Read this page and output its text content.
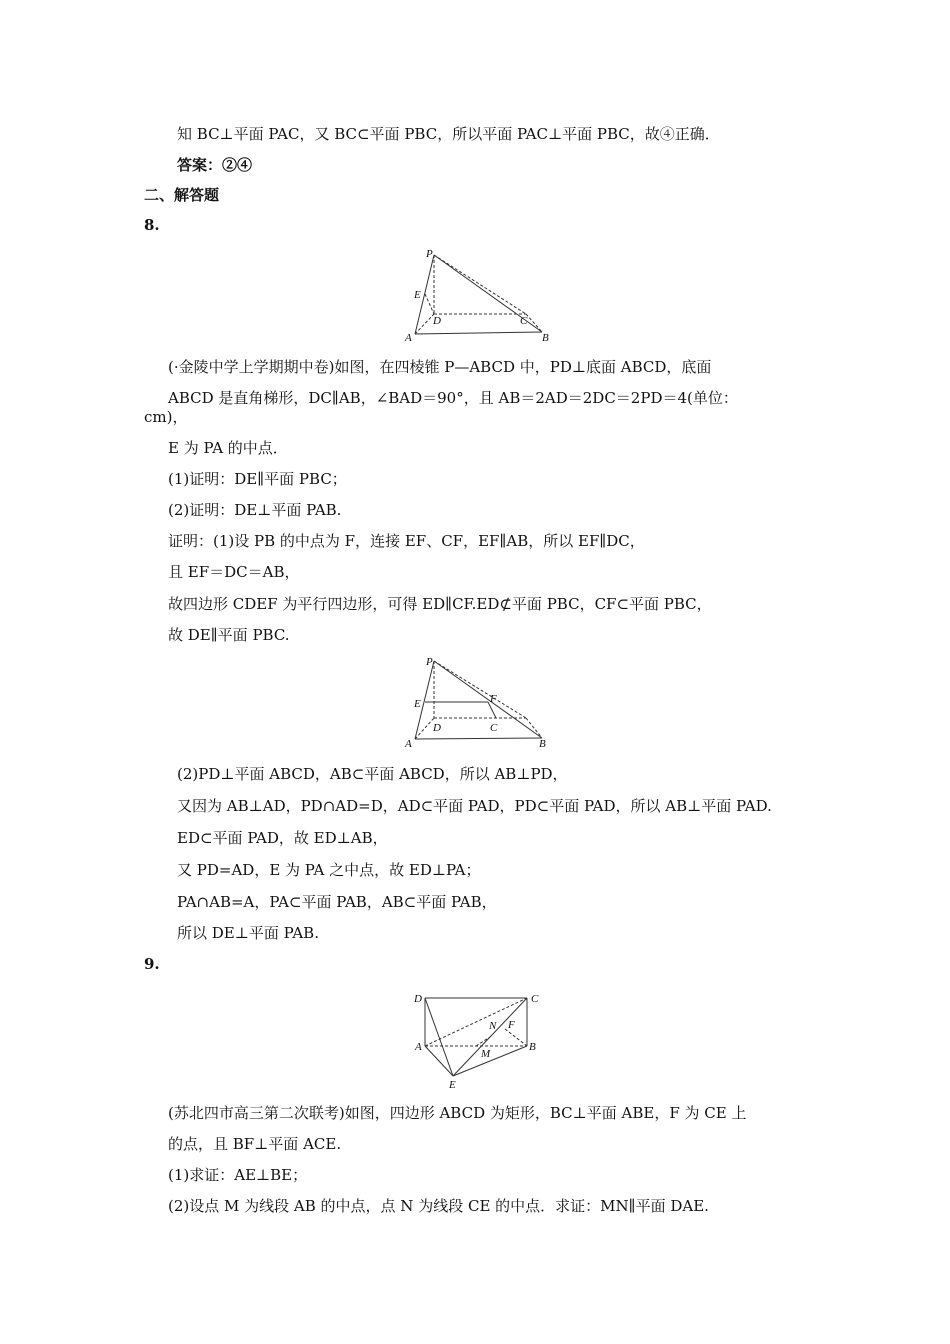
知 BC⊥平面 PAC，又 BC⊂平面 PBC，所以平面 PAC⊥平面 PBC，故④正确．
答案：②④
二、解答题
8.
P
E
D	C
A	B
(·金陵中学上学期期中卷)如图，在四棱锥 P—ABCD 中，PD⊥底面 ABCD，底面
ABCD 是直角梯形，DC∥AB，∠BAD＝90°，且 AB＝2AD＝2DC＝2PD＝4(单位：
cm)，
E 为 PA 的中点．
(1)证明：DE∥平面 PBC；
(2)证明：DE⊥平面 PAB.
证明：(1)设 PB 的中点为 F，连接 EF、CF，EF∥AB，所以 EF∥DC，
且 EF＝DC＝AB，
故四边形 CDEF 为平行四边形，可得 ED∥CF.ED⊄平面 PBC，CF⊂平面 PBC，
故 DE∥平面 PBC.
P
F
E
D	C
A	B
(2)PD⊥平面 ABCD，AB⊂平面 ABCD，所以 AB⊥PD，
又因为 AB⊥AD，PD∩AD=D，AD⊂平面 PAD，PD⊂平面 PAD，所以 AB⊥平面 PAD.
ED⊂平面 PAD，故 ED⊥AB，
又 PD=AD，E 为 PA 之中点，故 ED⊥PA；
PA∩AB=A，PA⊂平面 PAB，AB⊂平面 PAB，
所以 DE⊥平面 PAB.
9.
D	C
N F
A
M
B
E
(苏北四市高三第二次联考)如图，四边形 ABCD 为矩形，BC⊥平面 ABE，F 为 CE 上
的点，且 BF⊥平面 ACE.
(1)求证：AE⊥BE；
(2)设点 M 为线段 AB 的中点，点 N 为线段 CE 的中点．求证：MN∥平面 DAE.
